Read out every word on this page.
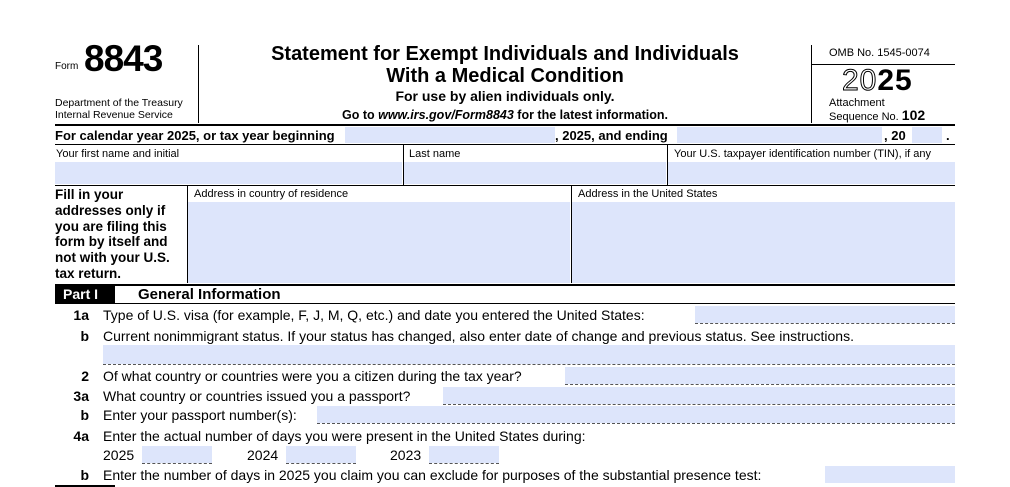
Form 8843
Department of the Treasury
Internal Revenue Service
Statement for Exempt Individuals and Individuals
With a Medical Condition
For use by alien individuals only.
Go to www.irs.gov/Form8843 for the latest information.
OMB No. 1545-0074
2025
Attachment
Sequence No. 102
For calendar year 2025, or tax year beginning	, 2025, and ending	, 20	.
Your first name and initial	Last name	Your U.S. taxpayer identification number (TIN), if any
Fill in your
addresses only if
you are filing this
form by itself and
not with your U.S.
tax return.
Address in country of residence	Address in the United States
Part I	General Information
1a Type of U.S. visa (for example, F, J, M, Q, etc.) and date you entered the United States:
b Current nonimmigrant status. If your status has changed, also enter date of change and previous status. See instructions.
2 Of what country or countries were you a citizen during the tax year?
3a What country or countries issued you a passport?
b Enter your passport number(s):
4a Enter the actual number of days you were present in the United States during:
2025	2024	2023
b Enter the number of days in 2025 you claim you can exclude for purposes of the substantial presence test:
